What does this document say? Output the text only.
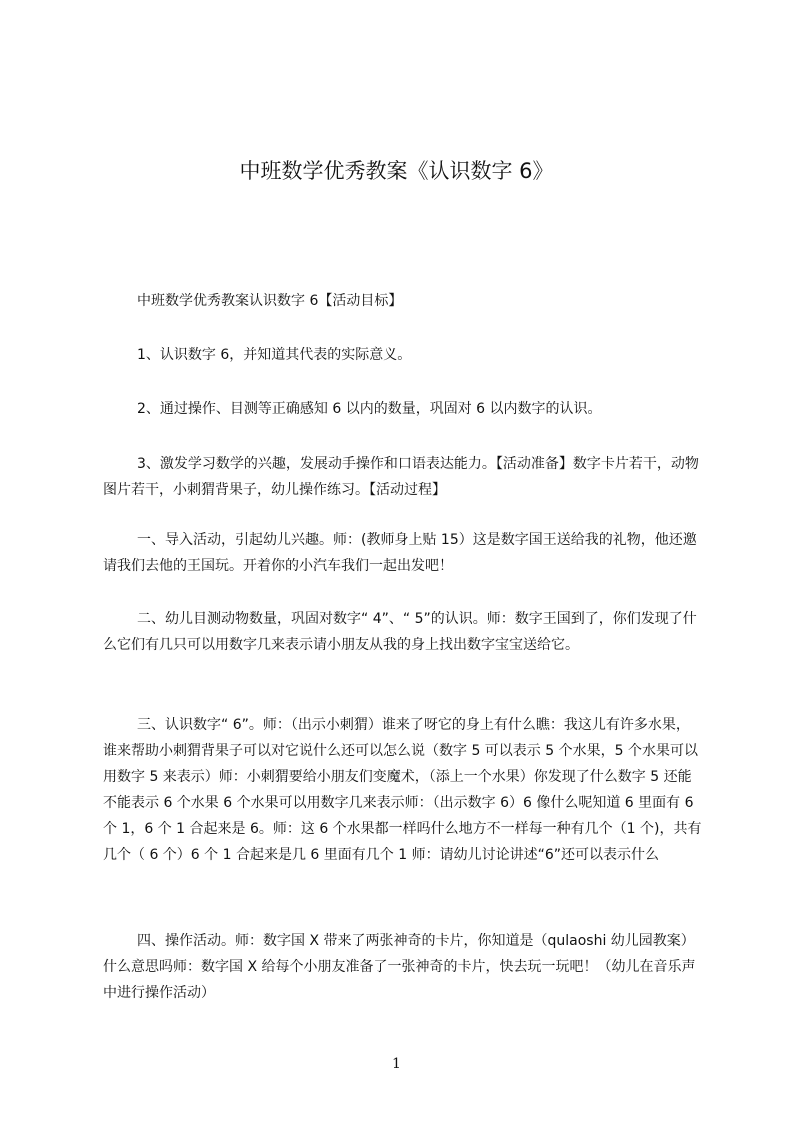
中班数学优秀教案《认识数字 6》

中班数学优秀教案认识数字 6【活动目标】

1、认识数字 6，并知道其代表的实际意义。

2、通过操作、目测等正确感知 6 以内的数量，巩固对 6 以内数字的认识。

3、激发学习数学的兴趣，发展动手操作和口语表达能力。【活动准备】数字卡片若干，动物图片若干，小刺猬背果子，幼儿操作练习。【活动过程】

一、导入活动，引起幼儿兴趣。师：(教师身上贴 15）这是数字国王送给我的礼物，他还邀请我们去他的王国玩。开着你的小汽车我们一起出发吧！

二、幼儿目测动物数量，巩固对数字“ 4”、“ 5”的认识。师：数字王国到了，你们发现了什么它们有几只可以用数字几来表示请小朋友从我的身上找出数字宝宝送给它。

三、认识数字“ 6”。师：（出示小刺猬）谁来了呀它的身上有什么瞧：我这儿有许多水果，谁来帮助小刺猬背果子可以对它说什么还可以怎么说（数字 5 可以表示 5 个水果，5 个水果可以用数字 5 来表示）师：小刺猬要给小朋友们变魔术，（添上一个水果）你发现了什么数字 5 还能不能表示 6 个水果 6 个水果可以用数字几来表示师：（出示数字 6）6 像什么呢知道 6 里面有 6 个 1，6 个 1 合起来是 6。师：这 6 个水果都一样吗什么地方不一样每一种有几个（1 个)，共有几个（ 6 个）6 个 1 合起来是几 6 里面有几个 1 师：请幼儿讨论讲述“6”还可以表示什么

四、操作活动。师：数字国 X 带来了两张神奇的卡片，你知道是（qulaoshi 幼儿园教案）什么意思吗师：数字国 X 给每个小朋友准备了一张神奇的卡片，快去玩一玩吧！（幼儿在音乐声中进行操作活动）

1
